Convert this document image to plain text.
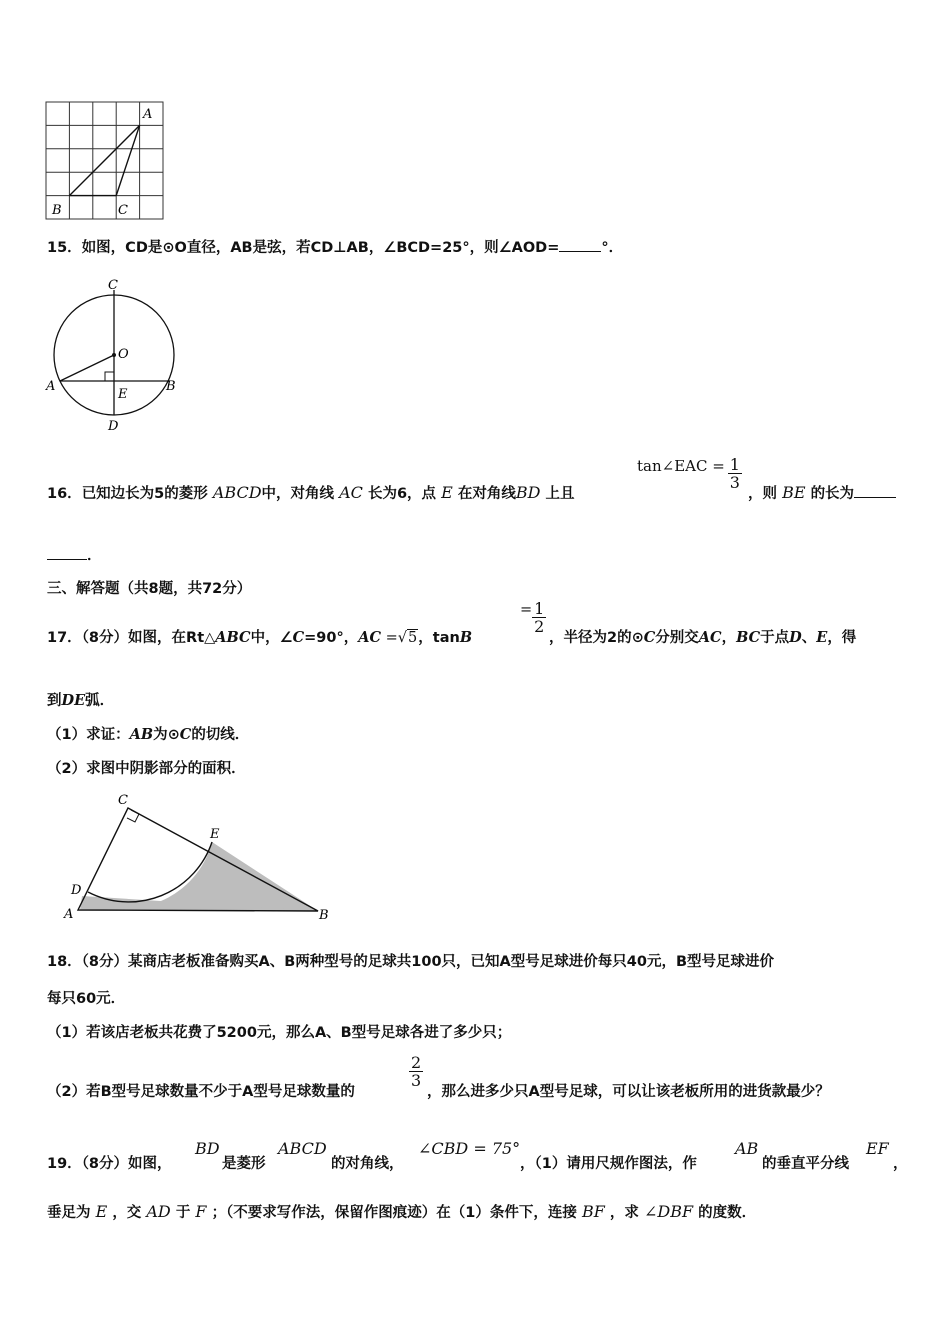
A
B	C
15．如图，CD是⊙O直径，AB是弦，若CD⊥AB，∠BCD=25°，则∠AOD=	°．
C
O
A
E
B
D
16．已知边长为5的菱形 ABCD中，对角线 AC 长为6，点 E 在对角线BD 上且
tan∠EAC = $\frac{1}{3}$
，则 BE 的长为
．
三、解答题（共8题，共72分）
17．（8分）如图，在Rt△ABC中，∠C=90°，AC =√5，tanB
= $\frac{1}{2}$
，半径为2的⊙C分别交AC，BC于点D、E，得
到DE弧．
（1）求证：AB为⊙C的切线．
（2）求图中阴影部分的面积．
C
E
D
A	B
18．（8分）某商店老板准备购买A、B两种型号的足球共100只，已知A型号足球进价每只40元，B型号足球进价
每只60元．
（1）若该店老板共花费了5200元，那么A、B型号足球各进了多少只；
（2）若B型号足球数量不少于A型号足球数量的
$\frac{2}{3}$
，那么进多少只A型号足球，可以让该老板所用的进货款最少？
19．（8分）如图，
BD
是菱形
ABCD
的对角线，
∠CBD = 75°
，（1）请用尺规作图法，作
AB
的垂直平分线
EF
，
垂足为 E ，交 AD 于 F ；（不要求写作法，保留作图痕迹）在（1）条件下，连接 BF ，求 ∠DBF 的度数．
